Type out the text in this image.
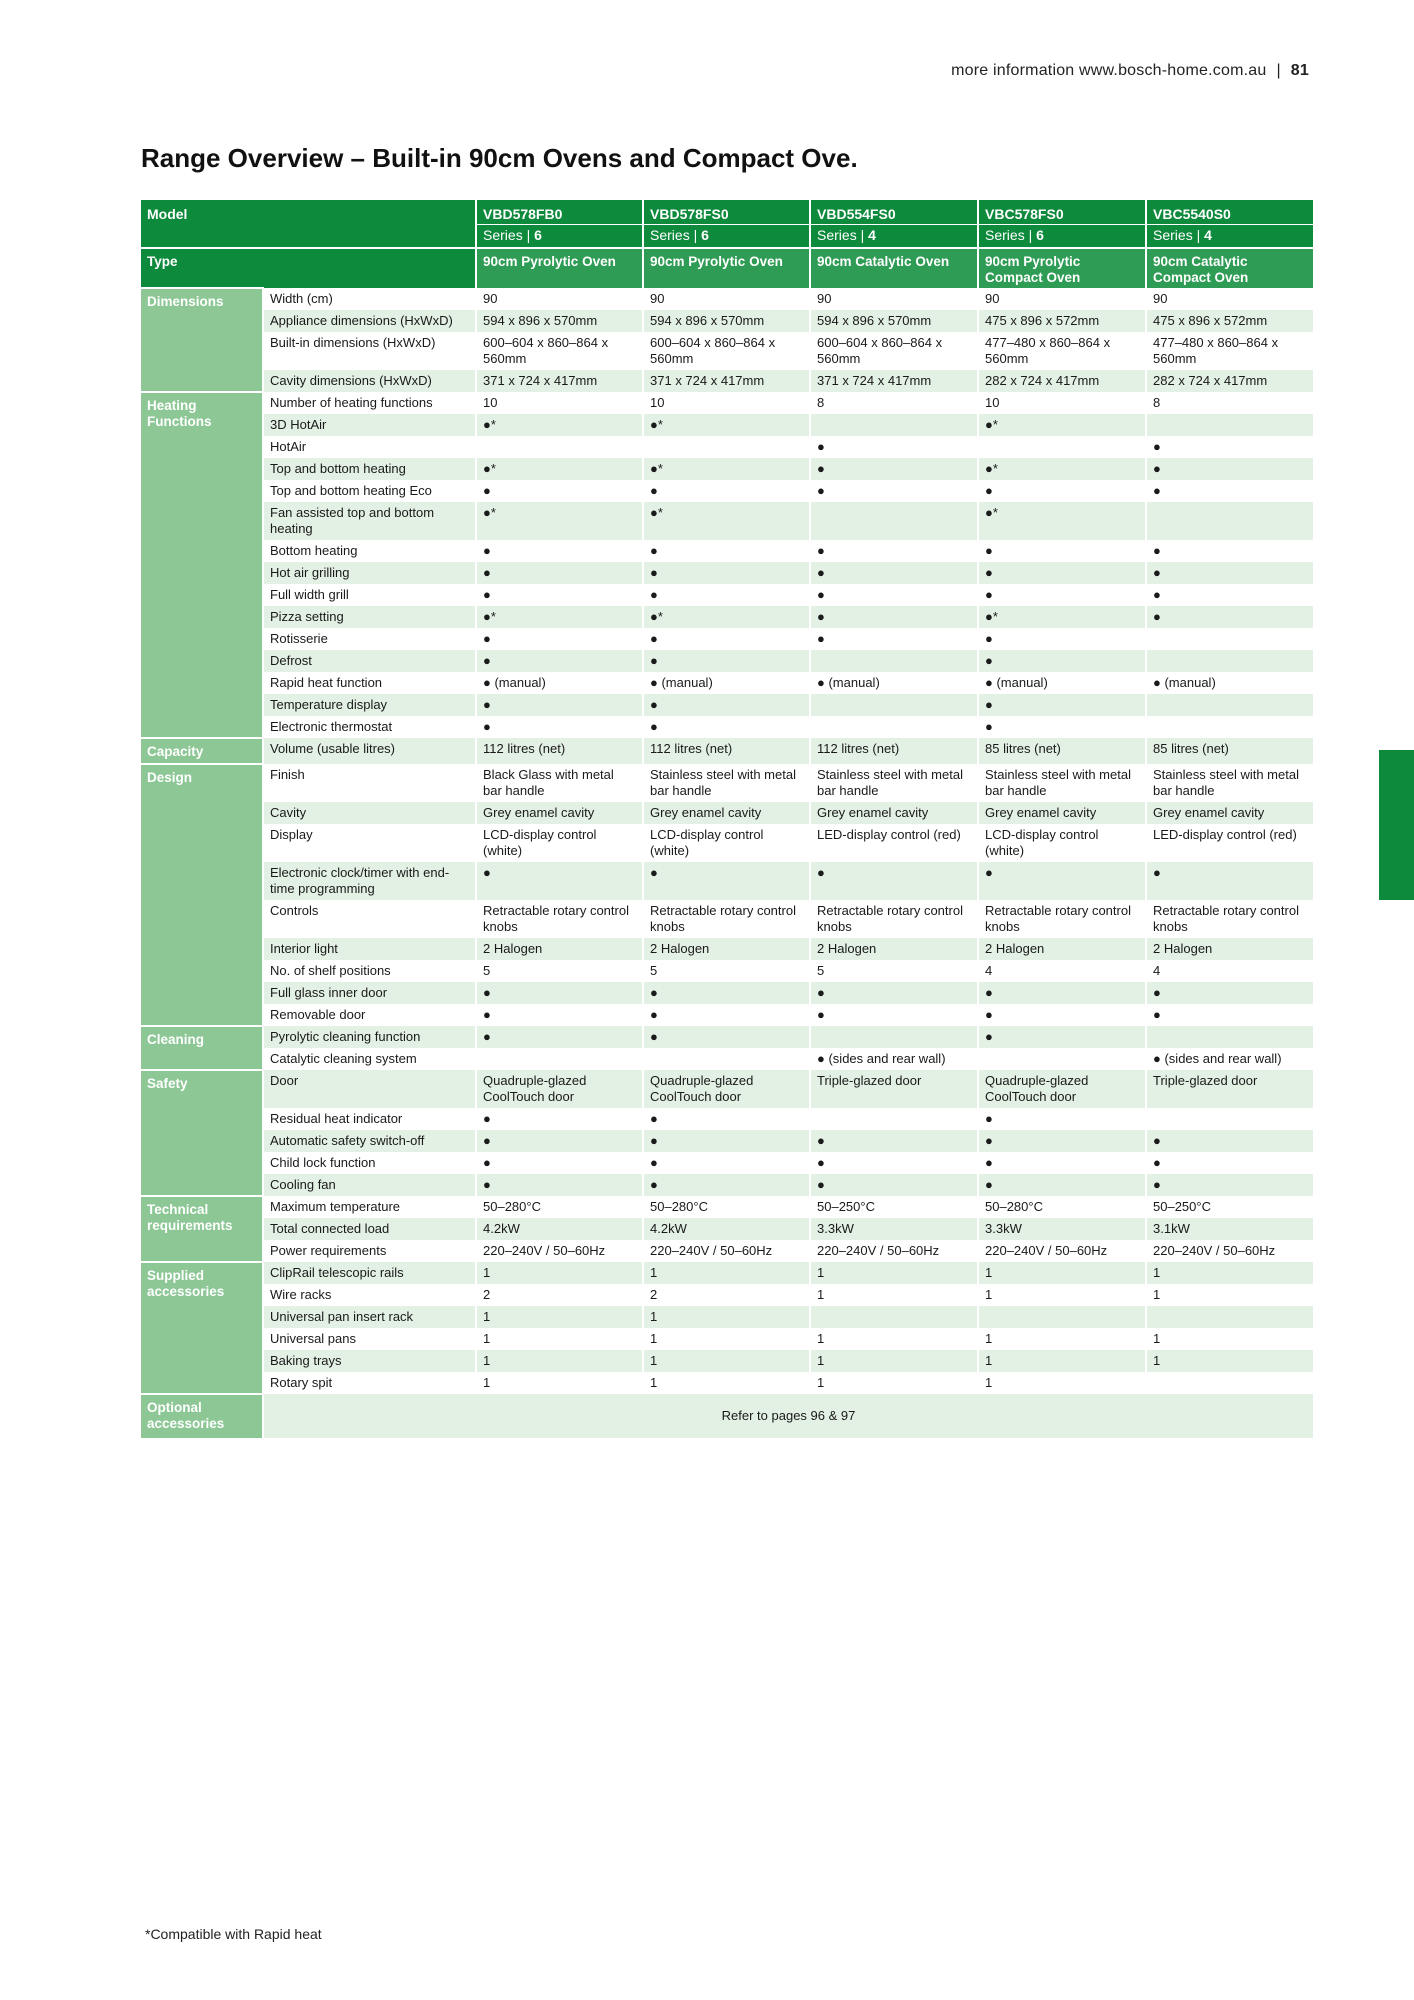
more information www.bosch-home.com.au | 81
Range Overview – Built-in 90cm Ovens and Compact Ove.
Model		VBD578FB0	VBD578FS0	VBD554FS0	VBC578FS0	VBC5540S0
		Series | 6	Series | 6	Series | 4	Series | 6	Series | 4
Type		90cm Pyrolytic Oven	90cm Pyrolytic Oven	90cm Catalytic Oven	90cm Pyrolytic Compact Oven	90cm Catalytic Compact Oven
Dimensions	Width (cm)	90	90	90	90	90
	Appliance dimensions (HxWxD)	594 x 896 x 570mm	594 x 896 x 570mm	594 x 896 x 570mm	475 x 896 x 572mm	475 x 896 x 572mm
	Built-in dimensions (HxWxD)	600–604 x 860–864 x 560mm	600–604 x 860–864 x 560mm	600–604 x 860–864 x 560mm	477–480 x 860–864 x 560mm	477–480 x 860–864 x 560mm
	Cavity dimensions (HxWxD)	371 x 724 x 417mm	371 x 724 x 417mm	371 x 724 x 417mm	282 x 724 x 417mm	282 x 724 x 417mm
Heating Functions	Number of heating functions	10	10	8	10	8
	3D HotAir	●*	●*		●*	
	HotAir			●		●
	Top and bottom heating	●*	●*	●	●*	●
	Top and bottom heating Eco	●	●	●	●	●
	Fan assisted top and bottom heating	●*	●*		●*	
	Bottom heating	●	●	●	●	●
	Hot air grilling	●	●	●	●	●
	Full width grill	●	●	●	●	●
	Pizza setting	●*	●*	●	●*	●
	Rotisserie	●	●	●	●	
	Defrost	●	●		●	
	Rapid heat function	● (manual)	● (manual)	● (manual)	● (manual)	● (manual)
	Temperature display	●	●		●	
	Electronic thermostat	●	●		●	
Capacity	Volume (usable litres)	112 litres (net)	112 litres (net)	112 litres (net)	85 litres (net)	85 litres (net)
Design	Finish	Black Glass with metal bar handle	Stainless steel with metal bar handle	Stainless steel with metal bar handle	Stainless steel with metal bar handle	Stainless steel with metal bar handle
	Cavity	Grey enamel cavity	Grey enamel cavity	Grey enamel cavity	Grey enamel cavity	Grey enamel cavity
	Display	LCD-display control (white)	LCD-display control (white)	LED-display control (red)	LCD-display control (white)	LED-display control (red)
	Electronic clock/timer with end-time programming	●	●	●	●	●
	Controls	Retractable rotary control knobs	Retractable rotary control knobs	Retractable rotary control knobs	Retractable rotary control knobs	Retractable rotary control knobs
	Interior light	2 Halogen	2 Halogen	2 Halogen	2 Halogen	2 Halogen
	No. of shelf positions	5	5	5	4	4
	Full glass inner door	●	●	●	●	●
	Removable door	●	●	●	●	●
Cleaning	Pyrolytic cleaning function	●	●		●	
	Catalytic cleaning system			● (sides and rear wall)		● (sides and rear wall)
Safety	Door	Quadruple-glazed CoolTouch door	Quadruple-glazed CoolTouch door	Triple-glazed door	Quadruple-glazed CoolTouch door	Triple-glazed door
	Residual heat indicator	●	●		●	
	Automatic safety switch-off	●	●	●	●	●
	Child lock function	●	●	●	●	●
	Cooling fan	●	●	●	●	●
Technical requirements	Maximum temperature	50–280°C	50–280°C	50–250°C	50–280°C	50–250°C
	Total connected load	4.2kW	4.2kW	3.3kW	3.3kW	3.1kW
	Power requirements	220–240V / 50–60Hz	220–240V / 50–60Hz	220–240V / 50–60Hz	220–240V / 50–60Hz	220–240V / 50–60Hz
Supplied accessories	ClipRail telescopic rails	1	1	1	1	1
	Wire racks	2	2	1	1	1
	Universal pan insert rack	1	1			
	Universal pans	1	1	1	1	1
	Baking trays	1	1	1	1	1
	Rotary spit	1	1	1	1	
Optional accessories	Refer to pages 96 & 97					
*Compatible with Rapid heat
